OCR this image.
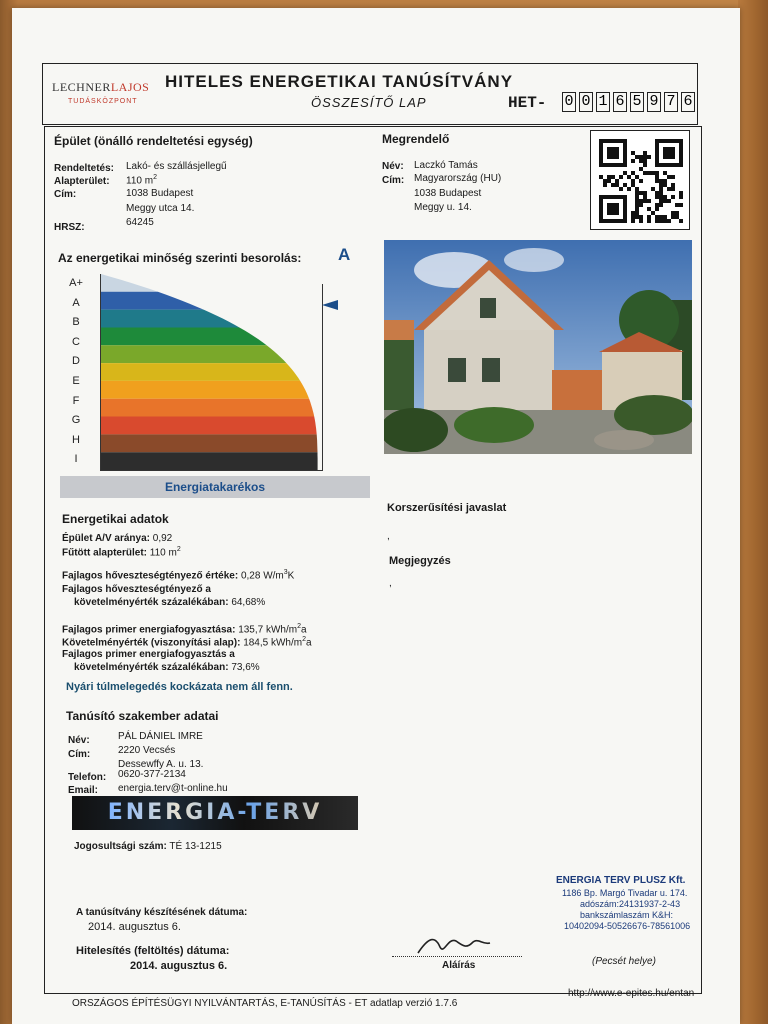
LECHNERLAJOS
TUDÁSKÖZPONT
HITELES ENERGETIKAI TANÚSÍTVÁNY
ÖSSZESÍTŐ LAP	HET- 0 0 1 6 5 9 7 6
Épület (önálló rendeltetési egység)
Rendeltetés: Lakó- és szállásjellegű
Alapterület: 110 $m^2$
Cím:	1038 Budapest
Meggy utca 14.
HRSZ:	64245
Megrendelő
Név: Laczkó Tamás
Cím: Magyarország (HU)
1038 Budapest
Meggy u. 14.
Az energetikai minőség szerinti besorolás: A
A+
A
B
C
D
E
F
G
H
I
Energiatakarékos
Korszerűsítési javaslat
,
Megjegyzés
,
Energetikai adatok
Épület A/V aránya: 0,92
Fűtött alapterület: 110 $m^2$
Fajlagos hőveszteségtényező értéke: 0,28 $W/m^3K$
Fajlagos hőveszteségtényező a
követelményérték százalékában: 64,68%
Fajlagos primer energiafogyasztása: 135,7 kWh/$m^2a$
Követelményérték (viszonyítási alap): 184,5 kWh/$m^2a$
Fajlagos primer energiafogyasztás a
követelményérték százalékában: 73,6%
Nyári túlmelegedés kockázata nem áll fenn.
Tanúsító szakember adatai
Név:	PÁL DÁNIEL IMRE
Cím:	2220 Vecsés
Dessewffy A. u. 13.
Telefon: 0620-377-2134
Email: energia.terv@t-online.hu
ENERGIA-TERV
Jogosultsági szám: TÉ 13-1215
A tanúsítvány készítésének dátuma:
2014. augusztus 6.
Hitelesítés (feltöltés) dátuma:
2014. augusztus 6.
ENERGIA TERV PLUSZ Kft.
1186 Bp. Margó Tivadar u. 174.
adószám:24131937-2-43
bankszámlaszám K&H:
10402094-50526676-78561006
Aláírás	(Pecsét helye)
ORSZÁGOS ÉPÍTÉSÜGYI NYILVÁNTARTÁS, E-TANÚSÍTÁS - ET adatlap verzió 1.7.6
http://www.e-epites.hu/entan
